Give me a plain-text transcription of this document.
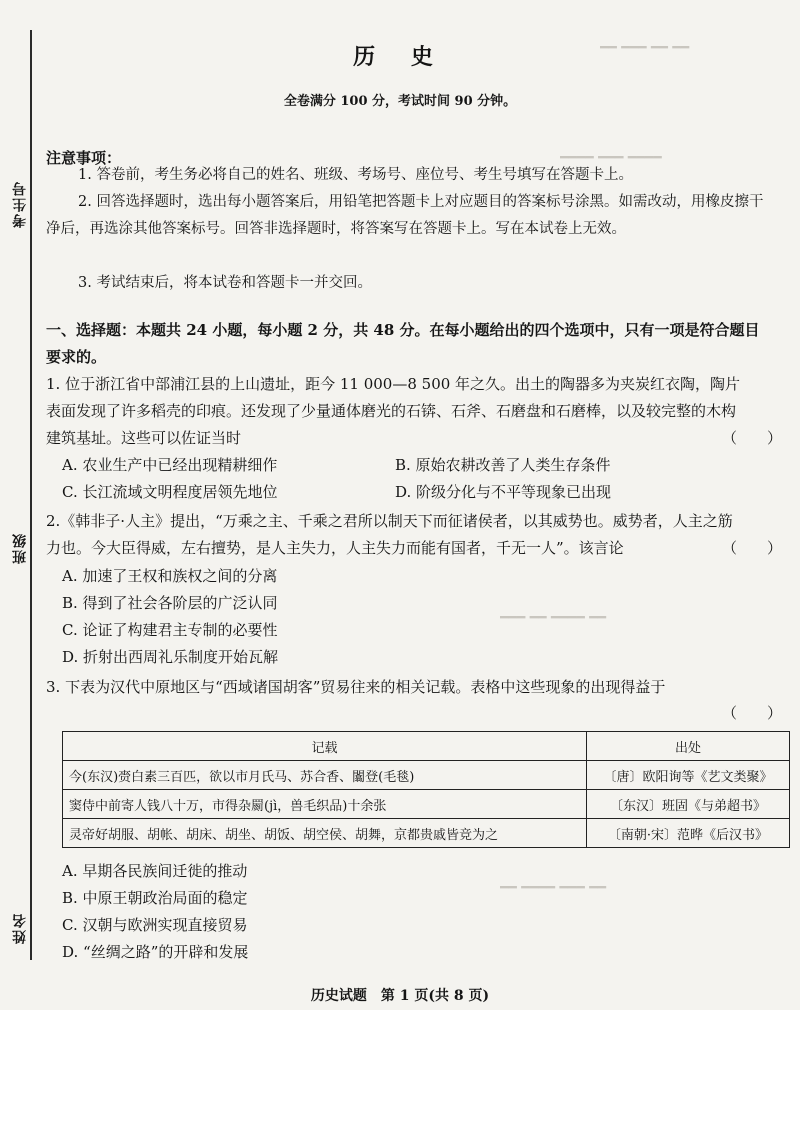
━━ ━━━ ━━ ━━
━━━━ ━━━ ━━━━
━━━ ━━ ━━━━ ━━
━━ ━━━━ ━━━ ━━
考生号
班级
姓名
历 史
全卷满分 100 分，考试时间 90 分钟。
注意事项：
1. 答卷前，考生务必将自己的姓名、班级、考场号、座位号、考生号填写在答题卡上。
2. 回答选择题时，选出每小题答案后，用铅笔把答题卡上对应题目的答案标号涂黑。如需改动，用橡皮擦干净后，再选涂其他答案标号。回答非选择题时，将答案写在答题卡上。写在本试卷上无效。
3. 考试结束后，将本试卷和答题卡一并交回。
一、选择题：本题共 24 小题，每小题 2 分，共 48 分。在每小题给出的四个选项中，只有一项是符合题目要求的。
1. 位于浙江省中部浦江县的上山遗址，距今 11 000—8 500 年之久。出土的陶器多为夹炭红衣陶，陶片表面发现了许多稻壳的印痕。还发现了少量通体磨光的石锛、石斧、石磨盘和石磨棒，以及较完整的木构建筑基址。这些可以佐证当时	（　　）
A. 农业生产中已经出现精耕细作	B. 原始农耕改善了人类生存条件
C. 长江流域文明程度居领先地位	D. 阶级分化与不平等现象已出现
2.《韩非子·人主》提出，“万乘之主、千乘之君所以制天下而征诸侯者，以其威势也。威势者，人主之筋力也。今大臣得威，左右擅势，是人主失力，人主失力而能有国者，千无一人”。该言论	（　　）
A. 加速了王权和族权之间的分离
B. 得到了社会各阶层的广泛认同
C. 论证了构建君主专制的必要性
D. 折射出西周礼乐制度开始瓦解
3. 下表为汉代中原地区与“西域诸国胡客”贸易往来的相关记载。表格中这些现象的出现得益于
（　　）
记载	出处
今(东汉)赍白素三百匹，欲以市月氏马、苏合香、闟登(毛毯)	〔唐〕欧阳询等《艺文类聚》
窦侍中前寄人钱八十万，市得杂罽(jì，兽毛织品)十余张	〔东汉〕班固《与弟超书》
灵帝好胡服、胡帐、胡床、胡坐、胡饭、胡空侯、胡舞，京都贵戚皆竞为之	〔南朝·宋〕范晔《后汉书》
A. 早期各民族间迁徙的推动
B. 中原王朝政治局面的稳定
C. 汉朝与欧洲实现直接贸易
D. “丝绸之路”的开辟和发展
历史试题　第 1 页(共 8 页)
